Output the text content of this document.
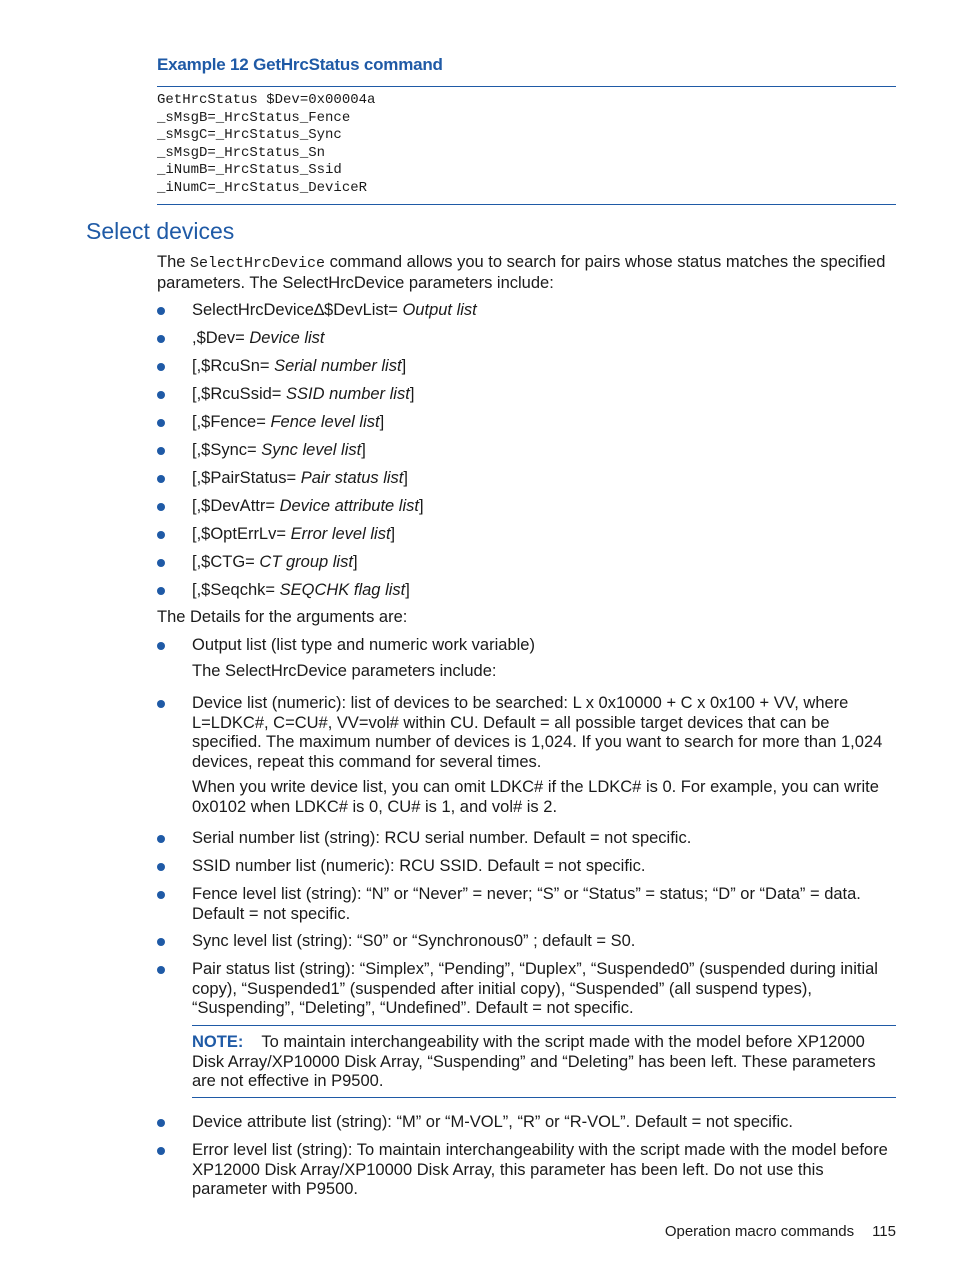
Example 12 GetHrcStatus command
GetHrcStatus $Dev=0x00004a
_sMsgB=_HrcStatus_Fence
_sMsgC=_HrcStatus_Sync
_sMsgD=_HrcStatus_Sn
_iNumB=_HrcStatus_Ssid
_iNumC=_HrcStatus_DeviceR
Select devices
The SelectHrcDevice command allows you to search for pairs whose status matches the specified parameters. The SelectHrcDevice parameters include:
SelectHrcDevice∆$DevList= Output list
,$Dev= Device list
[,$RcuSn= Serial number list]
[,$RcuSsid= SSID number list]
[,$Fence= Fence level list]
[,$Sync= Sync level list]
[,$PairStatus= Pair status list]
[,$DevAttr= Device attribute list]
[,$OptErrLv= Error level list]
[,$CTG= CT group list]
[,$Seqchk= SEQCHK flag list]
The Details for the arguments are:
Output list (list type and numeric work variable)
The SelectHrcDevice parameters include:
Device list (numeric): list of devices to be searched: L x 0x10000 + C x 0x100 + VV, where L=LDKC#, C=CU#, VV=vol# within CU. Default = all possible target devices that can be specified. The maximum number of devices is 1,024. If you want to search for more than 1,024 devices, repeat this command for several times.
When you write device list, you can omit LDKC# if the LDKC# is 0. For example, you can write 0x0102 when LDKC# is 0, CU# is 1, and vol# is 2.
Serial number list (string): RCU serial number. Default = not specific.
SSID number list (numeric): RCU SSID. Default = not specific.
Fence level list (string): “N” or “Never” = never; “S” or “Status” = status; “D” or “Data” = data. Default = not specific.
Sync level list (string): “S0” or “Synchronous0” ; default = S0.
Pair status list (string): “Simplex”, “Pending”, “Duplex”, “Suspended0” (suspended during initial copy), “Suspended1” (suspended after initial copy), “Suspended” (all suspend types), “Suspending”, “Deleting”, “Undefined”. Default = not specific.
NOTE: To maintain interchangeability with the script made with the model before XP12000 Disk Array/XP10000 Disk Array, “Suspending” and “Deleting” has been left. These parameters are not effective in P9500.
Device attribute list (string): “M” or “M-VOL”, “R” or “R-VOL”. Default = not specific.
Error level list (string): To maintain interchangeability with the script made with the model before XP12000 Disk Array/XP10000 Disk Array, this parameter has been left. Do not use this parameter with P9500.
Operation macro commands 115
